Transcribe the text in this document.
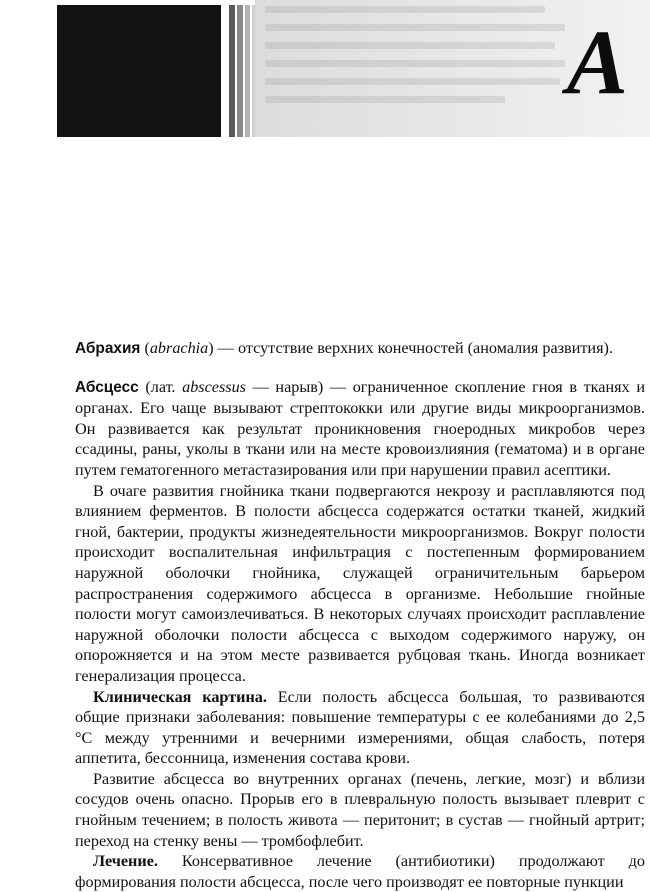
А

Абрахия (abrachia) — отсутствие верхних конечностей (аномалия развития).

Абсцесс (лат. abscessus — нарыв) — ограниченное скопление гноя в тканях и органах. Его чаще вызывают стрептококки или другие виды микроорганизмов. Он развивается как результат проникновения гноеродных микробов через ссадины, раны, уколы в ткани или на месте кровоизлияния (гематома) и в органе путем гематогенного метастазирования или при нарушении правил асептики.

В очаге развития гнойника ткани подвергаются некрозу и расплавляются под влиянием ферментов. В полости абсцесса содержатся остатки тканей, жидкий гной, бактерии, продукты жизнедеятельности микроорганизмов. Вокруг полости происходит воспалительная инфильтрация с постепенным формированием наружной оболочки гнойника, служащей ограничительным барьером распространения содержимого абсцесса в организме. Небольшие гнойные полости могут самоизлечиваться. В некоторых случаях происходит расплавление наружной оболочки полости абсцесса с выходом содержимого наружу, он опорожняется и на этом месте развивается рубцовая ткань. Иногда возникает генерализация процесса.

Клиническая картина. Если полость абсцесса большая, то развиваются общие признаки заболевания: повышение температуры с ее колебаниями до 2,5 °С между утренними и вечерними измерениями, общая слабость, потеря аппетита, бессонница, изменения состава крови.

Развитие абсцесса во внутренних органах (печень, легкие, мозг) и вблизи сосудов очень опасно. Прорыв его в плевральную полость вызывает плеврит с гнойным течением; в полость живота — перитонит; в сустав — гнойный артрит; переход на стенку вены — тромбофлебит.

Лечение. Консервативное лечение (антибиотики) продолжают до формирования полости абсцесса, после чего производят ее повторные пункции
